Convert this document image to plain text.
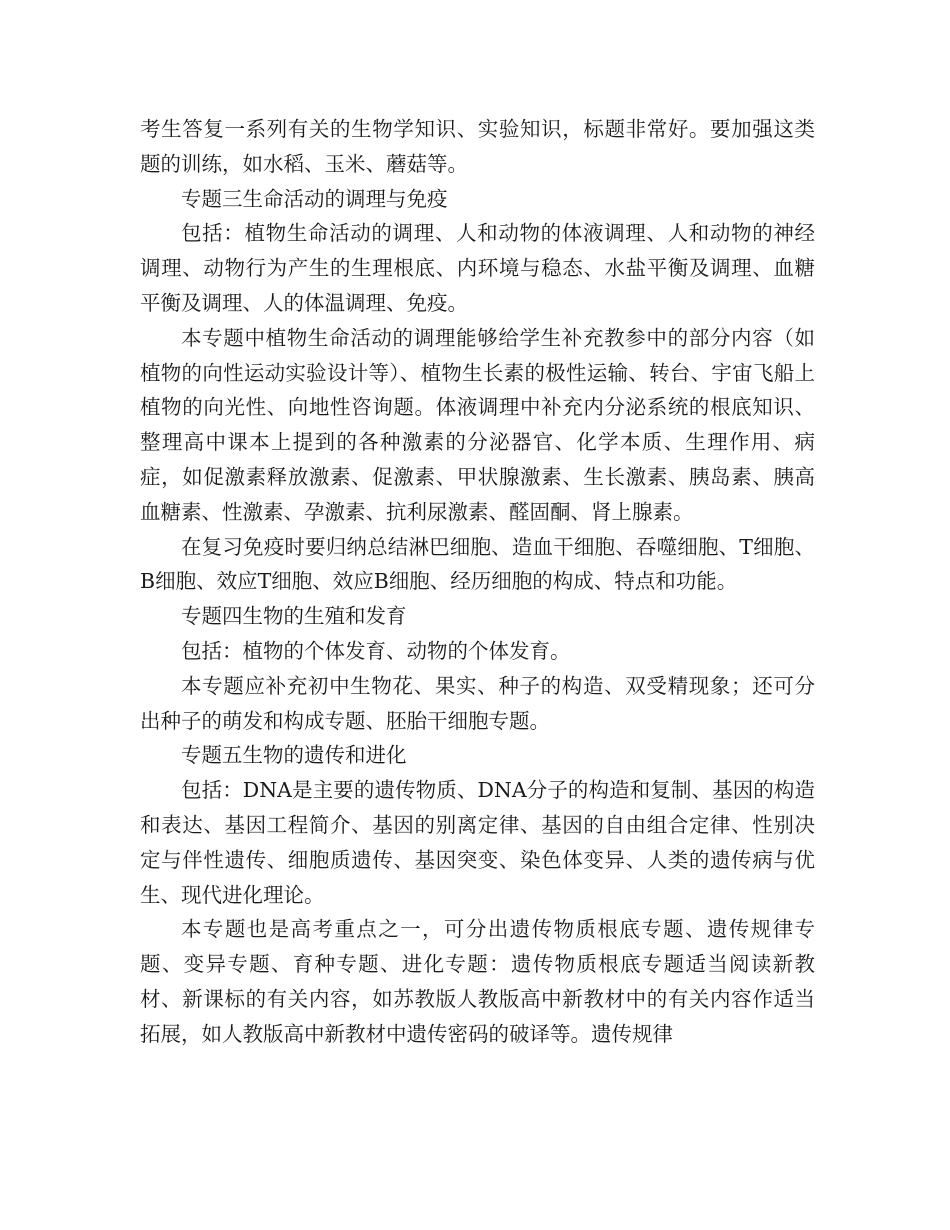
考生答复一系列有关的生物学知识、实验知识，标题非常好。要加强这类题的训练，如水稻、玉米、蘑菇等。

专题三生命活动的调理与免疫

包括：植物生命活动的调理、人和动物的体液调理、人和动物的神经调理、动物行为产生的生理根底、内环境与稳态、水盐平衡及调理、血糖平衡及调理、人的体温调理、免疫。

本专题中植物生命活动的调理能够给学生补充教参中的部分内容（如植物的向性运动实验设计等）、植物生长素的极性运输、转台、宇宙飞船上植物的向光性、向地性咨询题。体液调理中补充内分泌系统的根底知识、整理高中课本上提到的各种激素的分泌器官、化学本质、生理作用、病症，如促激素释放激素、促激素、甲状腺激素、生长激素、胰岛素、胰高血糖素、性激素、孕激素、抗利尿激素、醛固酮、肾上腺素。

在复习免疫时要归纳总结淋巴细胞、造血干细胞、吞噬细胞、T细胞、B细胞、效应T细胞、效应B细胞、经历细胞的构成、特点和功能。

专题四生物的生殖和发育

包括：植物的个体发育、动物的个体发育。

本专题应补充初中生物花、果实、种子的构造、双受精现象；还可分出种子的萌发和构成专题、胚胎干细胞专题。

专题五生物的遗传和进化

包括：DNA是主要的遗传物质、DNA分子的构造和复制、基因的构造和表达、基因工程简介、基因的别离定律、基因的自由组合定律、性别决定与伴性遗传、细胞质遗传、基因突变、染色体变异、人类的遗传病与优生、现代进化理论。

本专题也是高考重点之一，可分出遗传物质根底专题、遗传规律专题、变异专题、育种专题、进化专题：遗传物质根底专题适当阅读新教材、新课标的有关内容，如苏教版人教版高中新教材中的有关内容作适当拓展，如人教版高中新教材中遗传密码的破译等。遗传规律
